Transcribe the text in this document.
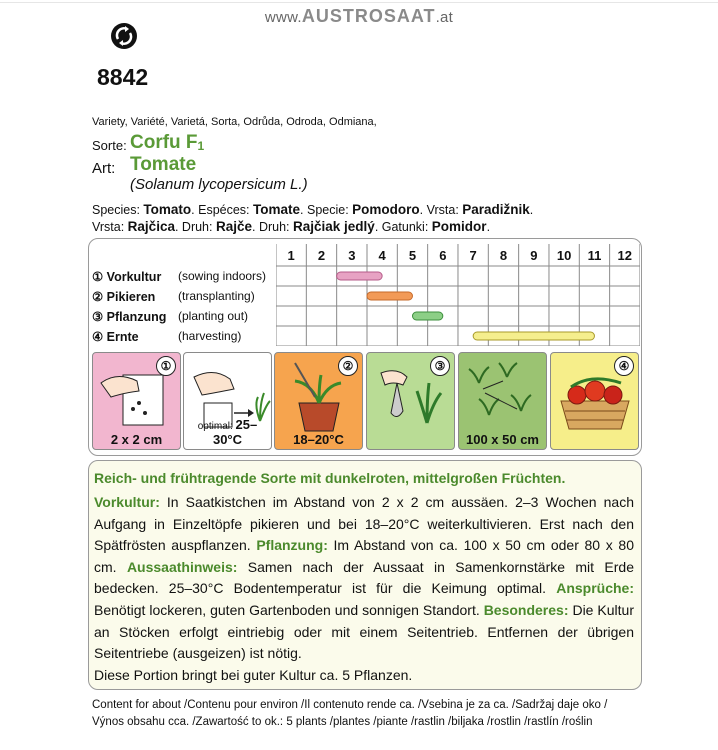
www.AUSTROSAAT.at
8842
Variety, Variété, Varietá, Sorta, Odrůda, Odroda, Odmiana,
Sorte: Corfu $F_1$
Art: Tomate
(Solanum lycopersicum L.)
Species: Tomato. Espéces: Tomate. Specie: Pomodoro. Vrsta: Paradižnik.
Vrsta: Rajčica. Druh: Rajče. Druh: Rajčiak jedlý. Gatunki: Pomidor.
1 2 3 4 5 6 7 8 9 10 11 12
① Vorkultur (sowing indoors)
② Pikieren (transplanting)
③ Pflanzung (planting out)
④ Ernte	(harvesting)
①
2 x 2 cm
optimal: 25–30°C
②
18–20°C
③
100 x 50 cm
④
Reich- und frühtragende Sorte mit dunkelroten, mittelgroßen Früchten.
Vorkultur: In Saatkistchen im Abstand von 2 x 2 cm aussäen. 2–3 Wochen nach Aufgang in Einzeltöpfe pikieren und bei 18–20°C weiterkultivieren. Erst nach den Spätfrösten auspflanzen. Pflanzung: Im Abstand von ca. 100 x 50 cm oder 80 x 80 cm. Aussaathinweis: Samen nach der Aussaat in Samenkornstärke mit Erde bedecken. 25–30°C Bodentemperatur ist für die Keimung optimal. Ansprüche: Benötigt lockeren, guten Gartenboden und sonnigen Standort. Besonderes: Die Kultur an Stöcken erfolgt eintriebig oder mit einem Seitentrieb. Entfernen der übrigen Seitentriebe (ausgeizen) ist nötig.
Diese Portion bringt bei guter Kultur ca. 5 Pflanzen.
Content for about /Contenu pour environ /Il contenuto rende ca. /Vsebina je za ca. /Sadržaj daje oko /
Výnos obsahu cca. /Zawartość to ok.: 5 plants /plantes /piante /rastlin /biljaka /rostlin /rastlín /roślin
